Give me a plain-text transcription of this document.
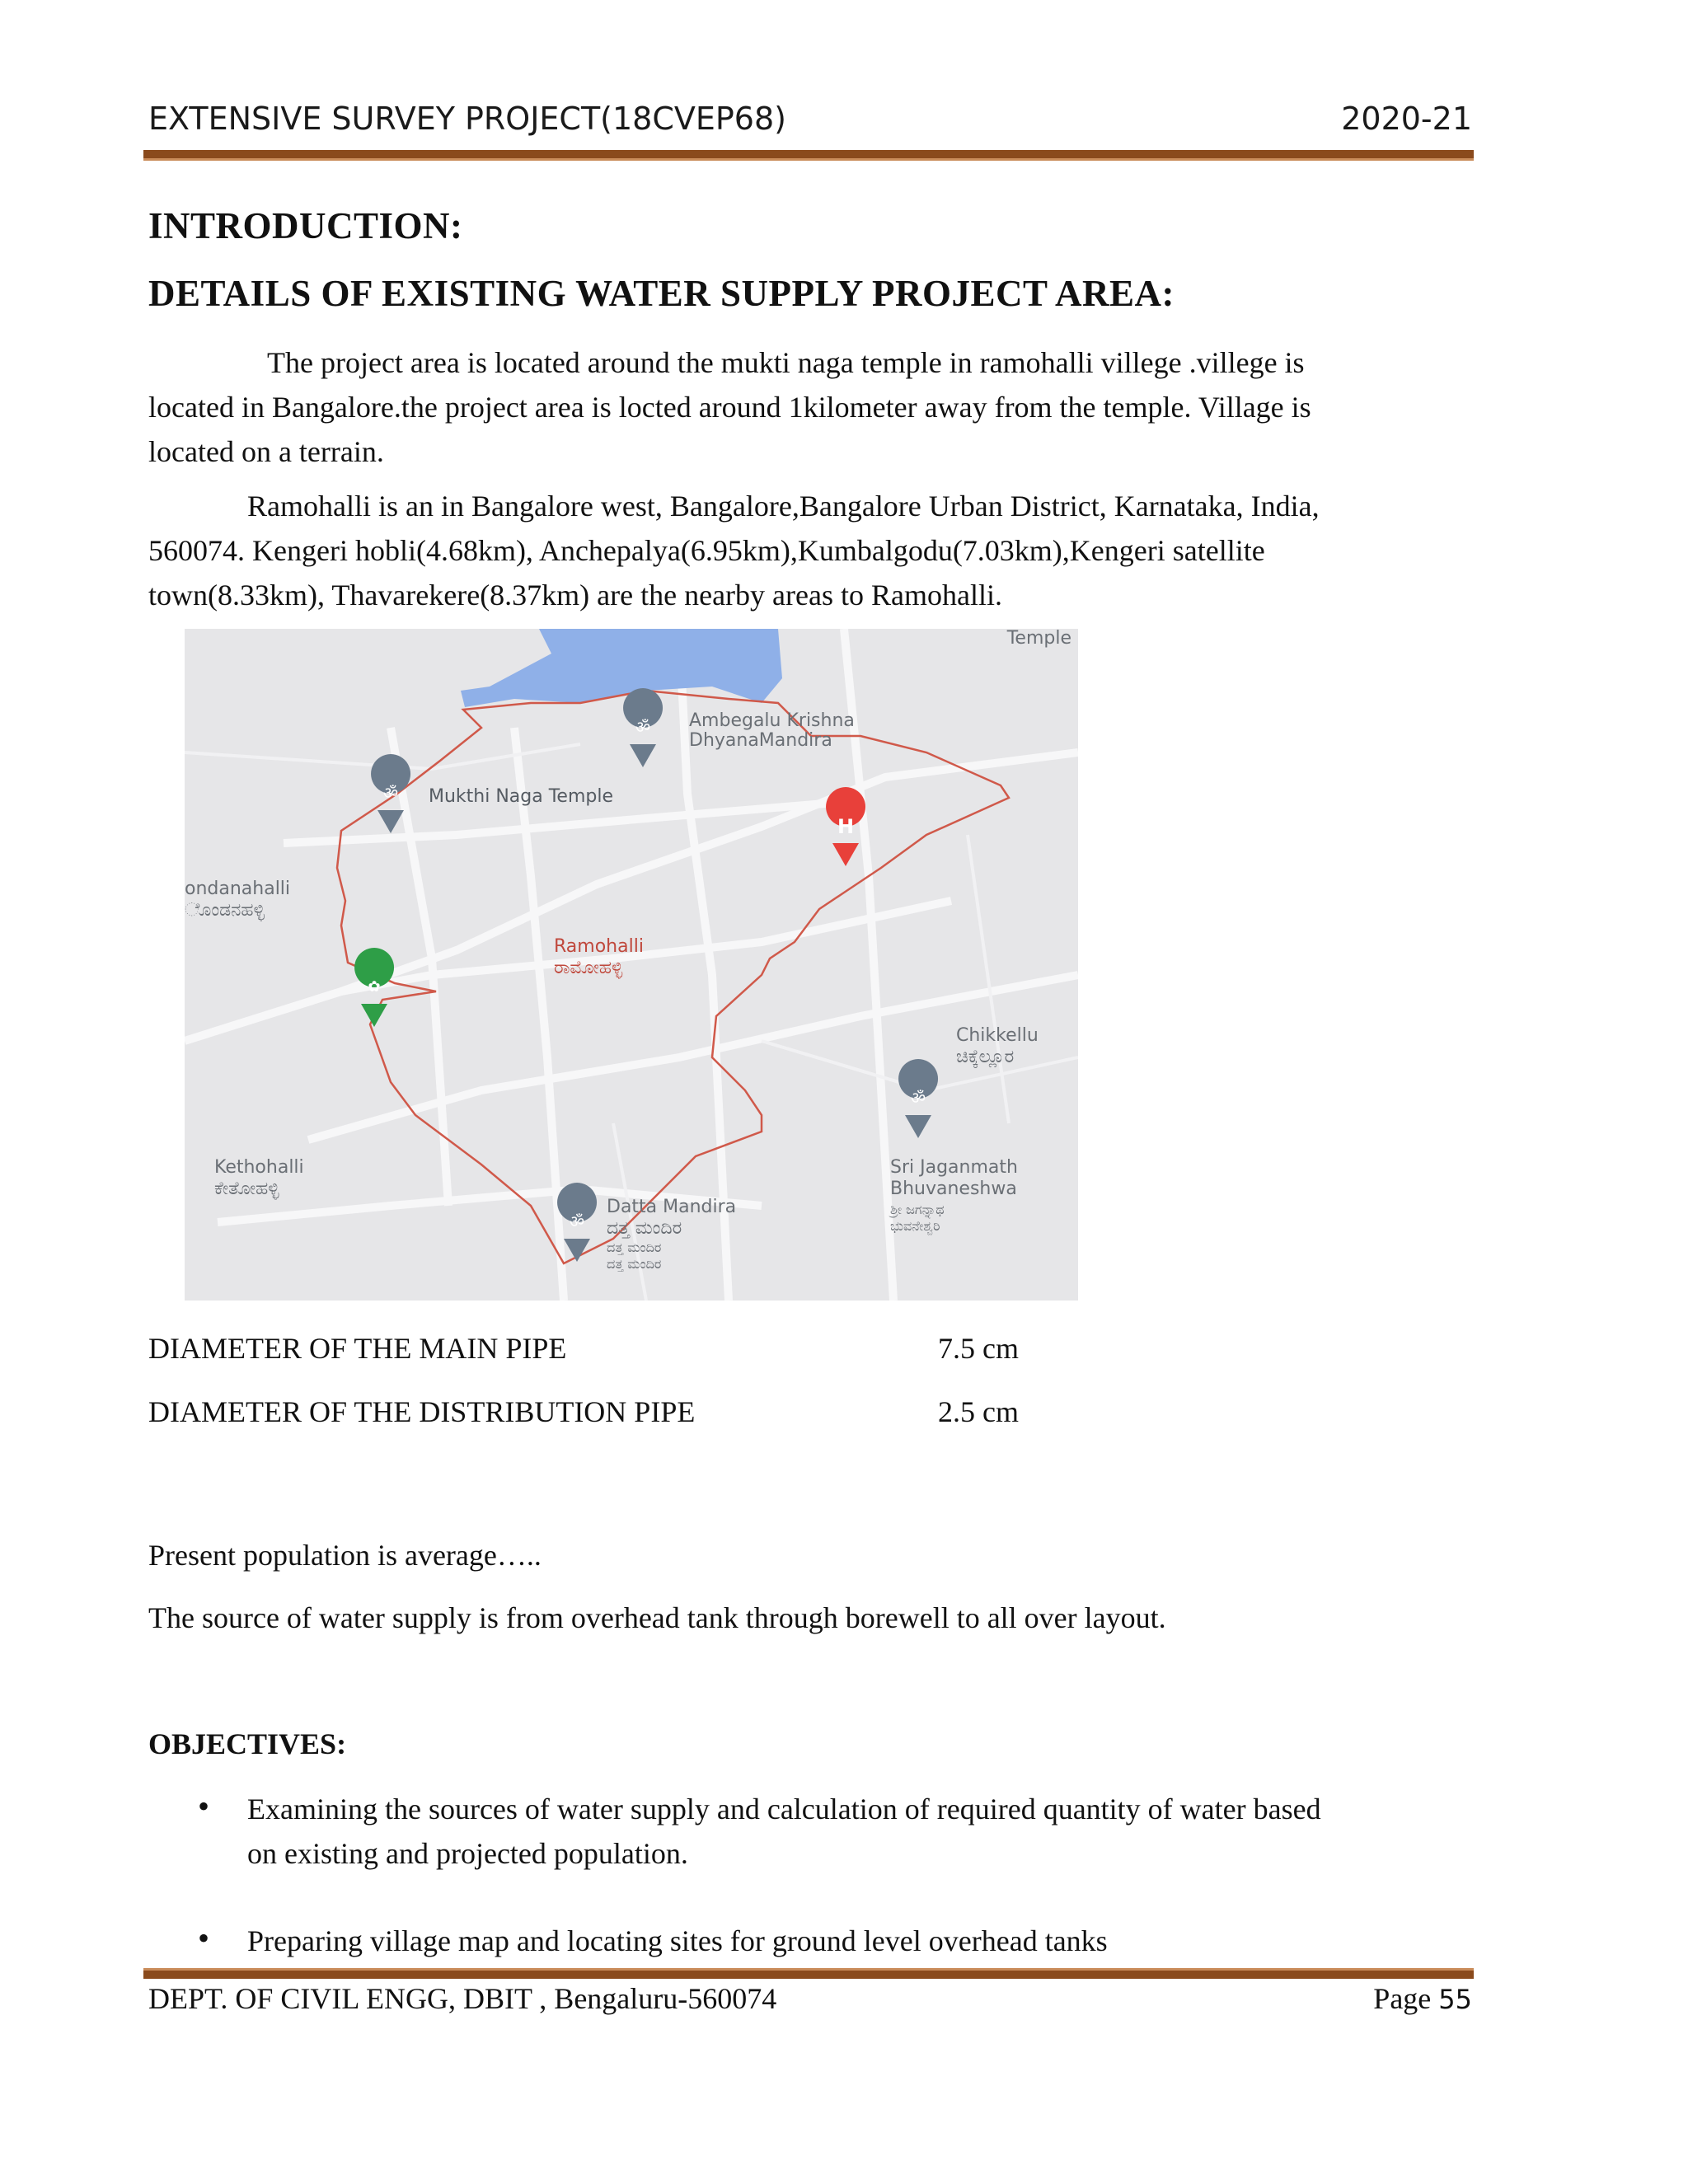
EXTENSIVE SURVEY PROJECT(18CVEP68)	2020-21
INTRODUCTION:
DETAILS OF EXISTING WATER SUPPLY PROJECT AREA:
The project area is located around the mukti naga temple in ramohalli villege .villege is
located in Bangalore.the project area is locted around 1kilometer away from the temple. Village is
located on a terrain.
Ramohalli is an in Bangalore west, Bangalore,Bangalore Urban District, Karnataka, India,
560074. Kengeri hobli(4.68km), Anchepalya(6.95km),Kumbalgodu(7.03km),Kengeri satellite
town(8.33km), Thavarekere(8.37km) are the nearby areas to Ramohalli.
ॐ
ॐ
H
✿
ॐ
ॐ
Temple
Ambegalu Krishna
DhyanaMandira
Mukthi Naga Temple
ondanahalli
ೊಂಡನಹಳ್ಳಿ
Ramohalli
ರಾಮೋಹಳ್ಳಿ
Chikkellu
ಚಿಕ್ಕೆಲ್ಲೂರ
Kethohalli
ಕೇತೋಹಳ್ಳಿ
Sri Jaganmath
Bhuvaneshwa
ಶ್ರೀ ಜಗನ್ನಾಥ
ಭುವನೇಶ್ವರಿ
Datta Mandira
ದತ್ತ ಮಂದಿರ
ದತ್ತ ಮಂದಿರ
ದತ್ತ ಮಂದಿರ
DIAMETER OF THE MAIN PIPE	7.5 cm
DIAMETER OF THE DISTRIBUTION PIPE	2.5 cm
Present population is average…..
The source of water supply is from overhead tank through borewell to all over layout.
OBJECTIVES:
• Examining the sources of water supply and calculation of required quantity of water based
on existing and projected population.
• Preparing village map and locating sites for ground level overhead tanks
DEPT. OF CIVIL ENGG, DBIT , Bengaluru-560074	Page 55
